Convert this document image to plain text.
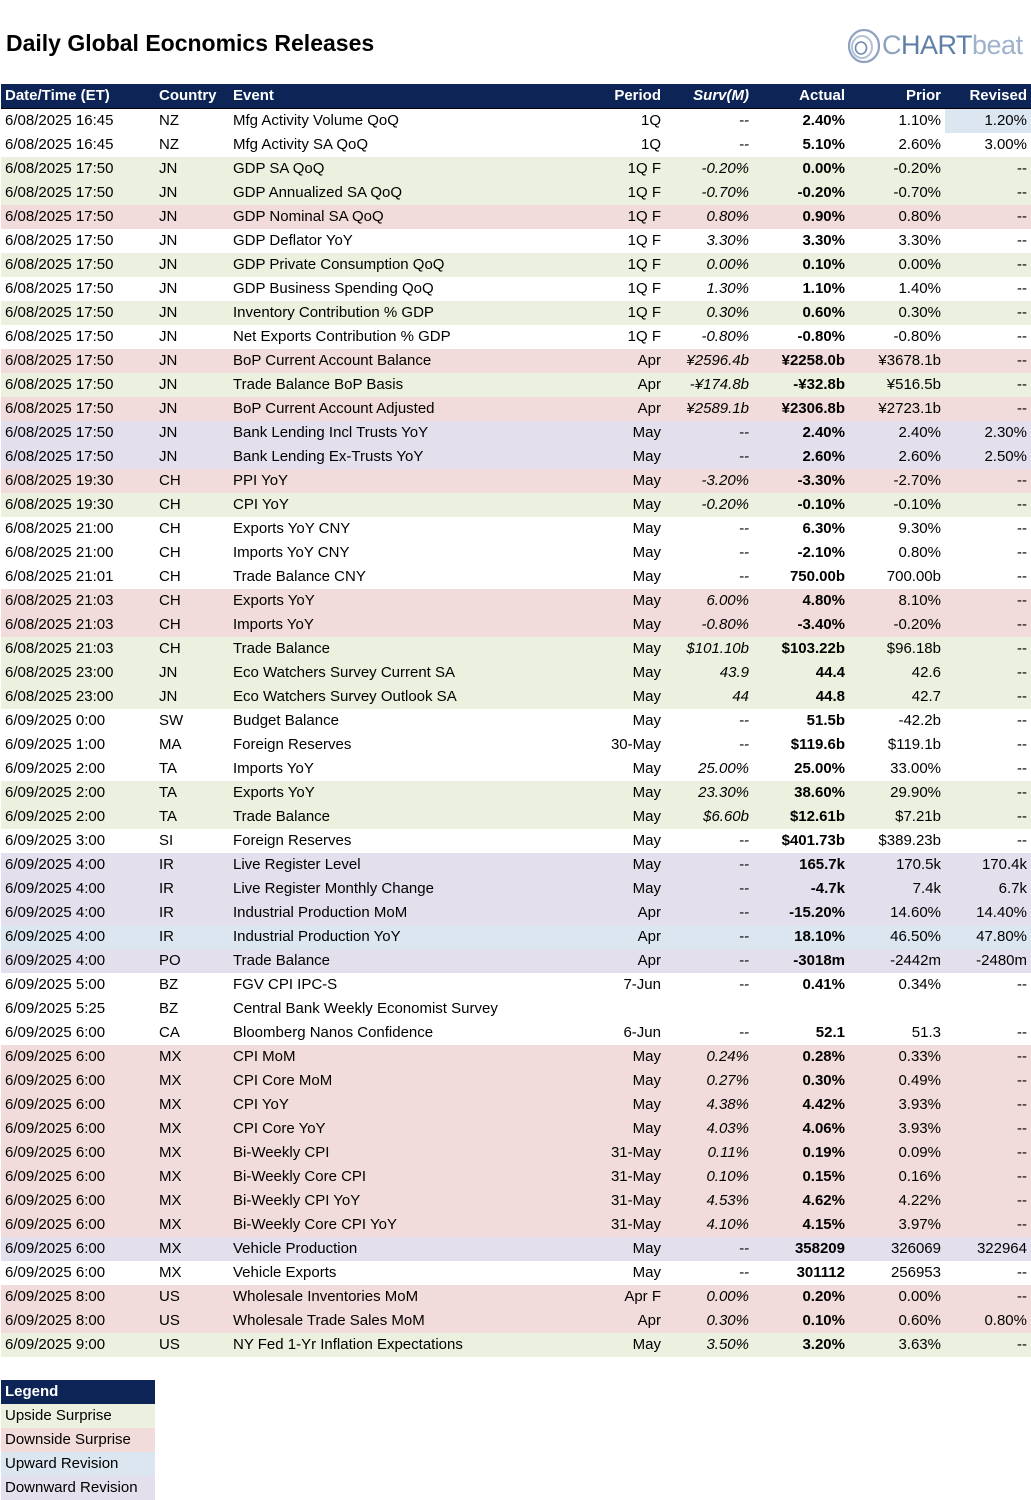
Daily Global Eocnomics Releases	CHARTbeat
Date/Time (ET)	Country	Event	Period	Surv(M)	Actual	Prior	Revised
6/08/2025 16:45	NZ	Mfg Activity Volume QoQ	1Q	--	2.40%	1.10%	1.20%
6/08/2025 16:45	NZ	Mfg Activity SA QoQ	1Q	--	5.10%	2.60%	3.00%
6/08/2025 17:50	JN	GDP SA QoQ	1Q F	-0.20%	0.00%	-0.20%	--
6/08/2025 17:50	JN	GDP Annualized SA QoQ	1Q F	-0.70%	-0.20%	-0.70%	--
6/08/2025 17:50	JN	GDP Nominal SA QoQ	1Q F	0.80%	0.90%	0.80%	--
6/08/2025 17:50	JN	GDP Deflator YoY	1Q F	3.30%	3.30%	3.30%	--
6/08/2025 17:50	JN	GDP Private Consumption QoQ	1Q F	0.00%	0.10%	0.00%	--
6/08/2025 17:50	JN	GDP Business Spending QoQ	1Q F	1.30%	1.10%	1.40%	--
6/08/2025 17:50	JN	Inventory Contribution % GDP	1Q F	0.30%	0.60%	0.30%	--
6/08/2025 17:50	JN	Net Exports Contribution % GDP	1Q F	-0.80%	-0.80%	-0.80%	--
6/08/2025 17:50	JN	BoP Current Account Balance	Apr	¥2596.4b	¥2258.0b	¥3678.1b	--
6/08/2025 17:50	JN	Trade Balance BoP Basis	Apr	-¥174.8b	-¥32.8b	¥516.5b	--
6/08/2025 17:50	JN	BoP Current Account Adjusted	Apr	¥2589.1b	¥2306.8b	¥2723.1b	--
6/08/2025 17:50	JN	Bank Lending Incl Trusts YoY	May	--	2.40%	2.40%	2.30%
6/08/2025 17:50	JN	Bank Lending Ex-Trusts YoY	May	--	2.60%	2.60%	2.50%
6/08/2025 19:30	CH	PPI YoY	May	-3.20%	-3.30%	-2.70%	--
6/08/2025 19:30	CH	CPI YoY	May	-0.20%	-0.10%	-0.10%	--
6/08/2025 21:00	CH	Exports YoY CNY	May	--	6.30%	9.30%	--
6/08/2025 21:00	CH	Imports YoY CNY	May	--	-2.10%	0.80%	--
6/08/2025 21:01	CH	Trade Balance CNY	May	--	750.00b	700.00b	--
6/08/2025 21:03	CH	Exports YoY	May	6.00%	4.80%	8.10%	--
6/08/2025 21:03	CH	Imports YoY	May	-0.80%	-3.40%	-0.20%	--
6/08/2025 21:03	CH	Trade Balance	May	$101.10b	$103.22b	$96.18b	--
6/08/2025 23:00	JN	Eco Watchers Survey Current SA	May	43.9	44.4	42.6	--
6/08/2025 23:00	JN	Eco Watchers Survey Outlook SA	May	44	44.8	42.7	--
6/09/2025 0:00	SW	Budget Balance	May	--	51.5b	-42.2b	--
6/09/2025 1:00	MA	Foreign Reserves	30-May	--	$119.6b	$119.1b	--
6/09/2025 2:00	TA	Imports YoY	May	25.00%	25.00%	33.00%	--
6/09/2025 2:00	TA	Exports YoY	May	23.30%	38.60%	29.90%	--
6/09/2025 2:00	TA	Trade Balance	May	$6.60b	$12.61b	$7.21b	--
6/09/2025 3:00	SI	Foreign Reserves	May	--	$401.73b	$389.23b	--
6/09/2025 4:00	IR	Live Register Level	May	--	165.7k	170.5k	170.4k
6/09/2025 4:00	IR	Live Register Monthly Change	May	--	-4.7k	7.4k	6.7k
6/09/2025 4:00	IR	Industrial Production MoM	Apr	--	-15.20%	14.60%	14.40%
6/09/2025 4:00	IR	Industrial Production YoY	Apr	--	18.10%	46.50%	47.80%
6/09/2025 4:00	PO	Trade Balance	Apr	--	-3018m	-2442m	-2480m
6/09/2025 5:00	BZ	FGV CPI IPC-S	7-Jun	--	0.41%	0.34%	--
6/09/2025 5:25	BZ	Central Bank Weekly Economist Survey					
6/09/2025 6:00	CA	Bloomberg Nanos Confidence	6-Jun	--	52.1	51.3	--
6/09/2025 6:00	MX	CPI MoM	May	0.24%	0.28%	0.33%	--
6/09/2025 6:00	MX	CPI Core MoM	May	0.27%	0.30%	0.49%	--
6/09/2025 6:00	MX	CPI YoY	May	4.38%	4.42%	3.93%	--
6/09/2025 6:00	MX	CPI Core YoY	May	4.03%	4.06%	3.93%	--
6/09/2025 6:00	MX	Bi-Weekly CPI	31-May	0.11%	0.19%	0.09%	--
6/09/2025 6:00	MX	Bi-Weekly Core CPI	31-May	0.10%	0.15%	0.16%	--
6/09/2025 6:00	MX	Bi-Weekly CPI YoY	31-May	4.53%	4.62%	4.22%	--
6/09/2025 6:00	MX	Bi-Weekly Core CPI YoY	31-May	4.10%	4.15%	3.97%	--
6/09/2025 6:00	MX	Vehicle Production	May	--	358209	326069	322964
6/09/2025 6:00	MX	Vehicle Exports	May	--	301112	256953	--
6/09/2025 8:00	US	Wholesale Inventories MoM	Apr F	0.00%	0.20%	0.00%	--
6/09/2025 8:00	US	Wholesale Trade Sales MoM	Apr	0.30%	0.10%	0.60%	0.80%
6/09/2025 9:00	US	NY Fed 1-Yr Inflation Expectations	May	3.50%	3.20%	3.63%	--
Legend
Upside Surprise
Downside Surprise
Upward Revision
Downward Revision
